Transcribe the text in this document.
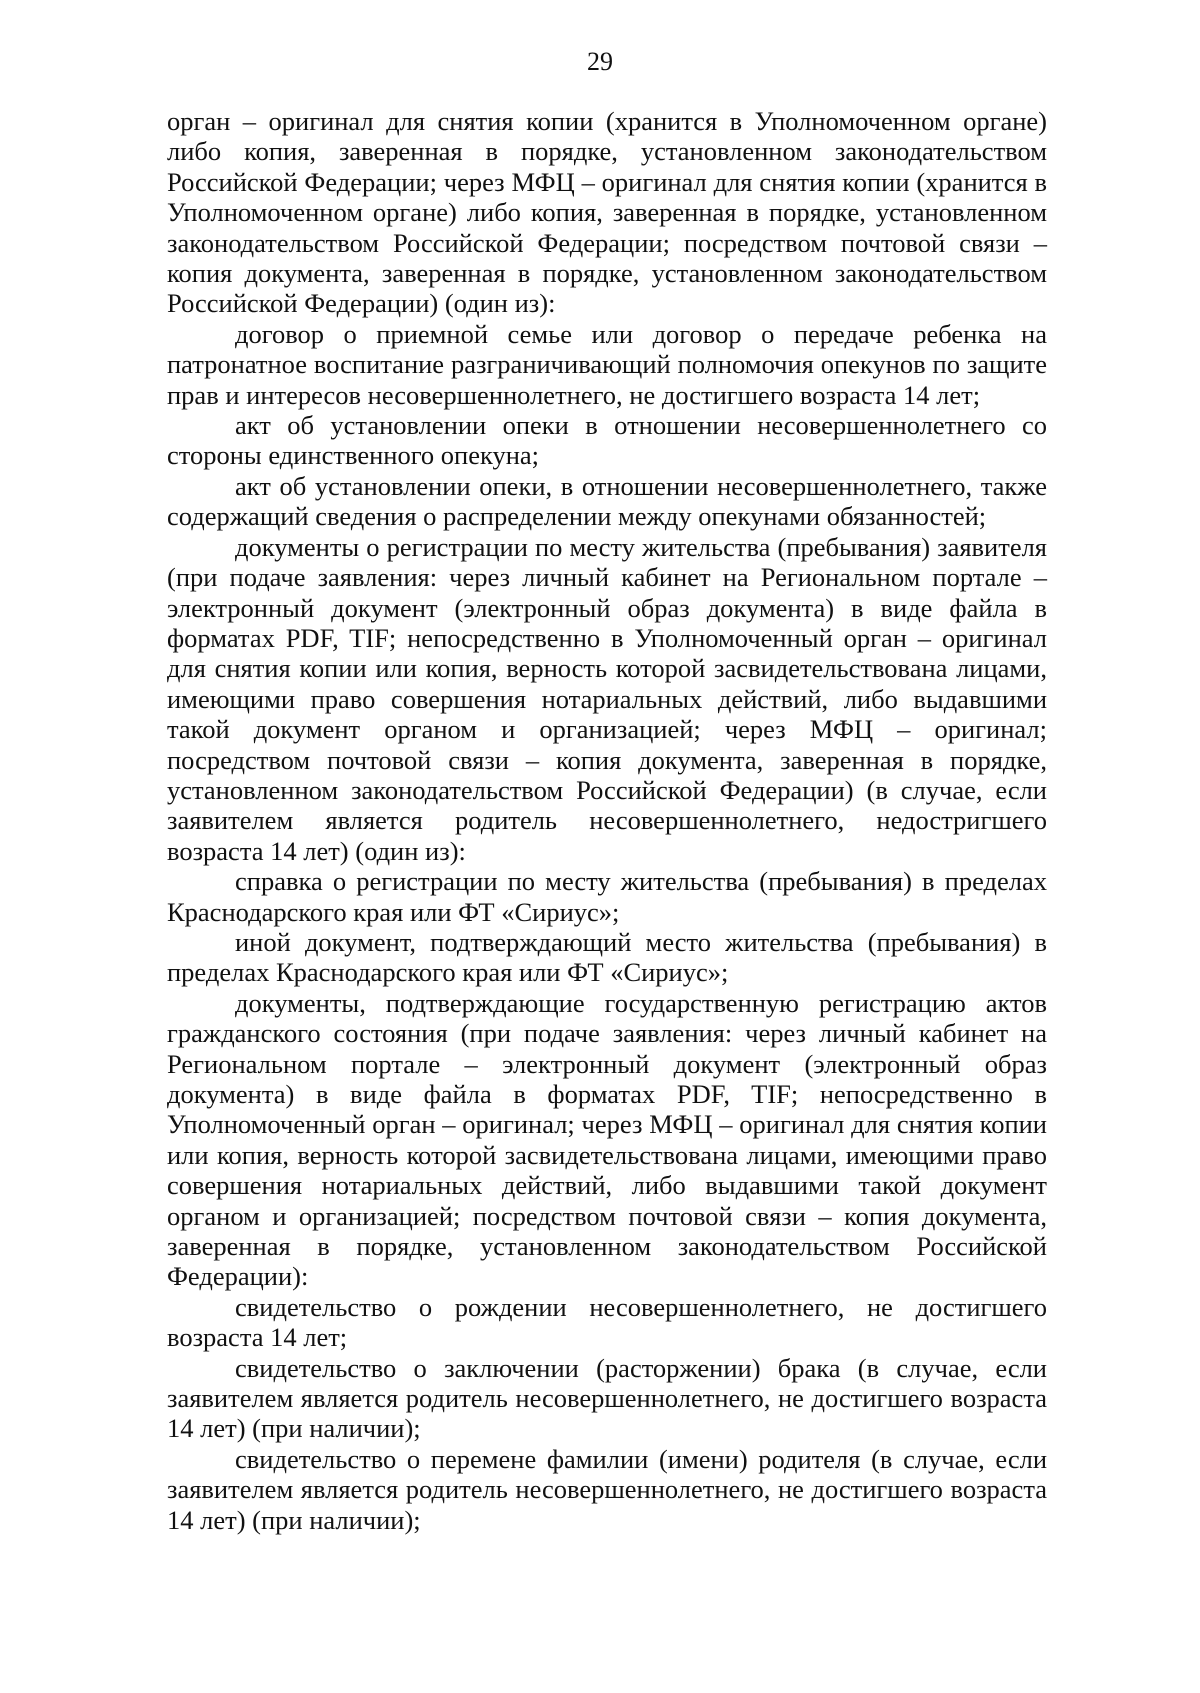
29

орган – оригинал для снятия копии (хранится в Уполномоченном органе) либо копия, заверенная в порядке, установленном законодательством Российской Федерации; через МФЦ – оригинал для снятия копии (хранится в Уполномоченном органе) либо копия, заверенная в порядке, установленном законодательством Российской Федерации; посредством почтовой связи – копия документа, заверенная в порядке, установленном законодательством Российской Федерации) (один из):

договор о приемной семье или договор о передаче ребенка на патронатное воспитание разграничивающий полномочия опекунов по защите прав и интересов несовершеннолетнего, не достигшего возраста 14 лет;

акт об установлении опеки в отношении несовершеннолетнего со стороны единственного опекуна;

акт об установлении опеки, в отношении несовершеннолетнего, также содержащий сведения о распределении между опекунами обязанностей;

документы о регистрации по месту жительства (пребывания) заявителя (при подаче заявления: через личный кабинет на Региональном портале – электронный документ (электронный образ документа) в виде файла в форматах PDF, TIF; непосредственно в Уполномоченный орган – оригинал для снятия копии или копия, верность которой засвидетельствована лицами, имеющими право совершения нотариальных действий, либо выдавшими такой документ органом и организацией; через МФЦ – оригинал; посредством почтовой связи – копия документа, заверенная в порядке, установленном законодательством Российской Федерации) (в случае, если заявителем является родитель несовершеннолетнего, недостригшего возраста 14 лет) (один из):

справка о регистрации по месту жительства (пребывания) в пределах Краснодарского края или ФТ «Сириус»;

иной документ, подтверждающий место жительства (пребывания) в пределах Краснодарского края или ФТ «Сириус»;

документы, подтверждающие государственную регистрацию актов гражданского состояния (при подаче заявления: через личный кабинет на Региональном портале – электронный документ (электронный образ документа) в виде файла в форматах PDF, TIF; непосредственно в Уполномоченный орган – оригинал; через МФЦ – оригинал для снятия копии или копия, верность которой засвидетельствована лицами, имеющими право совершения нотариальных действий, либо выдавшими такой документ органом и организацией; посредством почтовой связи – копия документа, заверенная в порядке, установленном законодательством Российской Федерации):

свидетельство о рождении несовершеннолетнего, не достигшего возраста 14 лет;

свидетельство о заключении (расторжении) брака (в случае, если заявителем является родитель несовершеннолетнего, не достигшего возраста 14 лет) (при наличии);

свидетельство о перемене фамилии (имени) родителя (в случае, если заявителем является родитель несовершеннолетнего, не достигшего возраста 14 лет) (при наличии);
